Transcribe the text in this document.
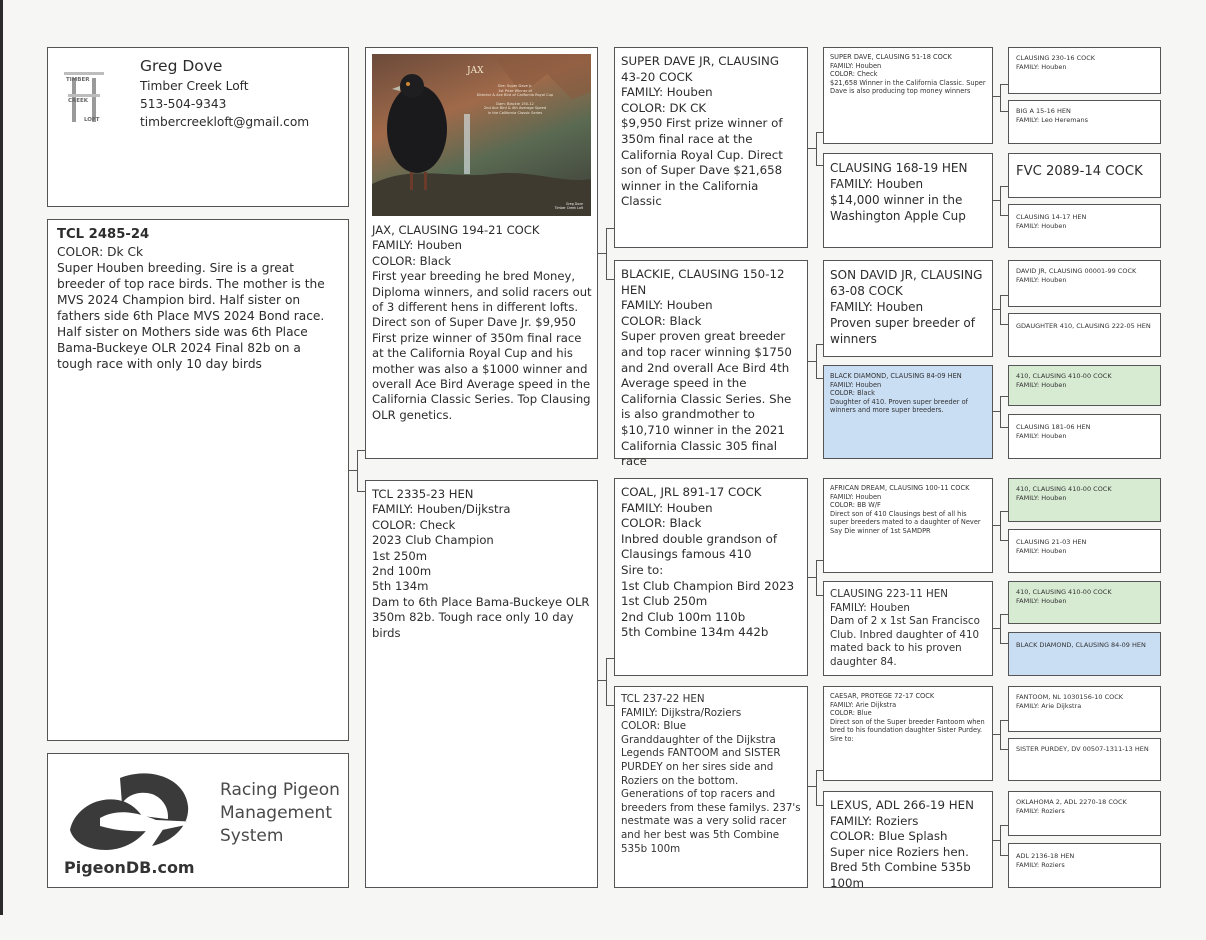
TIMBER
CREEK
LOFT
Greg Dove
Timber Creek Loft
513-504-9343
timbercreekloft@gmail.com
TCL 2485-24

COLOR: Dk Ck
Super Houben breeding. Sire is a great breeder of top race birds. The mother is the MVS 2024 Champion bird. Half sister on fathers side 6th Place MVS 2024 Bond race. Half sister on Mothers side was 6th Place Bama-Buckeye OLR 2024 Final 82b on a tough race with only 10 day birds

Racing Pigeon
Management
System
PigeonDB.com
JAX
Sire: Super Dave Jr.
1st Prize Winner of
Director & Ace Bird of California Royal Cup
Dam: Blackie 150-12
2nd Ace Bird & 4th Average Speed
in the California Classic Series
Greg Dove
Timber Creek Loft

JAX, CLAUSING 194-21 COCK
FAMILY: Houben
COLOR: Black
First year breeding he bred Money, Diploma winners, and solid racers out of 3 different hens in different lofts. Direct son of Super Dave Jr. $9,950 First prize winner of 350m final race at the California Royal Cup and his mother was also a $1000 winner and overall Ace Bird Average speed in the California Classic Series. Top Clausing OLR genetics.

TCL 2335-23 HEN
FAMILY: Houben/Dijkstra
COLOR: Check
2023 Club Champion
1st 250m
2nd 100m
5th 134m
Dam to 6th Place Bama-Buckeye OLR 350m 82b. Tough race only 10 day birds

SUPER DAVE JR, CLAUSING 43-20 COCK
FAMILY: Houben
COLOR: DK CK
$9,950 First prize winner of 350m final race at the California Royal Cup. Direct son of Super Dave $21,658 winner in the California Classic

BLACKIE, CLAUSING 150-12 HEN
FAMILY: Houben
COLOR: Black
Super proven great breeder and top racer winning $1750 and 2nd overall Ace Bird 4th Average speed in the California Classic Series. She is also grandmother to $10,710 winner in the 2021 California Classic 305 final race

COAL, JRL 891-17 COCK
FAMILY: Houben
COLOR: Black
Inbred double grandson of Clausings famous 410
Sire to:
1st Club Champion Bird 2023
1st Club 250m
2nd Club 100m 110b
5th Combine 134m 442b

TCL 237-22 HEN
FAMILY: Dijkstra/Roziers
COLOR: Blue
Granddaughter of the Dijkstra Legends FANTOOM and SISTER PURDEY on her sires side and Roziers on the bottom.
Generations of top racers and breeders from these familys. 237's nestmate was a very solid racer and her best was 5th Combine 535b 100m

SUPER DAVE, CLAUSING 51-18 COCK
FAMILY: Houben
COLOR: Check
$21,658 Winner in the California Classic. Super Dave is also producing top money winners

CLAUSING 168-19 HEN
FAMILY: Houben
$14,000 winner in the Washington Apple Cup

SON DAVID JR, CLAUSING 63-08 COCK
FAMILY: Houben
Proven super breeder of winners

BLACK DIAMOND, CLAUSING 84-09 HEN
FAMILY: Houben
COLOR: Black
Daughter of 410. Proven super breeder of winners and more super breeders.

AFRICAN DREAM, CLAUSING 100-11 COCK
FAMILY: Houben
COLOR: BB W/F
Direct son of 410 Clausings best of all his super breeders mated to a daughter of Never Say Die winner of 1st SAMDPR

CLAUSING 223-11 HEN
FAMILY: Houben
Dam of 2 x 1st San Francisco Club. Inbred daughter of 410 mated back to his proven daughter 84.

CAESAR, PROTEGE 72-17 COCK
FAMILY: Arie Dijkstra
COLOR: Blue
Direct son of the Super breeder Fantoom when bred to his foundation daughter Sister Purdey.
Sire to:

LEXUS, ADL 266-19 HEN
FAMILY: Roziers
COLOR: Blue Splash
Super nice Roziers hen. Bred 5th Combine 535b 100m

CLAUSING 230-16 COCK
FAMILY: Houben

BIG A 15-16 HEN
FAMILY: Leo Heremans

FVC 2089-14 COCK

CLAUSING 14-17 HEN
FAMILY: Houben

DAVID JR, CLAUSING 00001-99 COCK
FAMILY: Houben

GDAUGHTER 410, CLAUSING 222-05 HEN

410, CLAUSING 410-00 COCK
FAMILY: Houben

CLAUSING 181-06 HEN
FAMILY: Houben

410, CLAUSING 410-00 COCK
FAMILY: Houben

CLAUSING 21-03 HEN
FAMILY: Houben

410, CLAUSING 410-00 COCK
FAMILY: Houben

BLACK DIAMOND, CLAUSING 84-09 HEN

FANTOOM, NL 1030156-10 COCK
FAMILY: Arie Dijkstra

SISTER PURDEY, DV 00507-1311-13 HEN

OKLAHOMA 2, ADL 2270-18 COCK
FAMILY: Roziers

ADL 2136-18 HEN
FAMILY: Roziers
